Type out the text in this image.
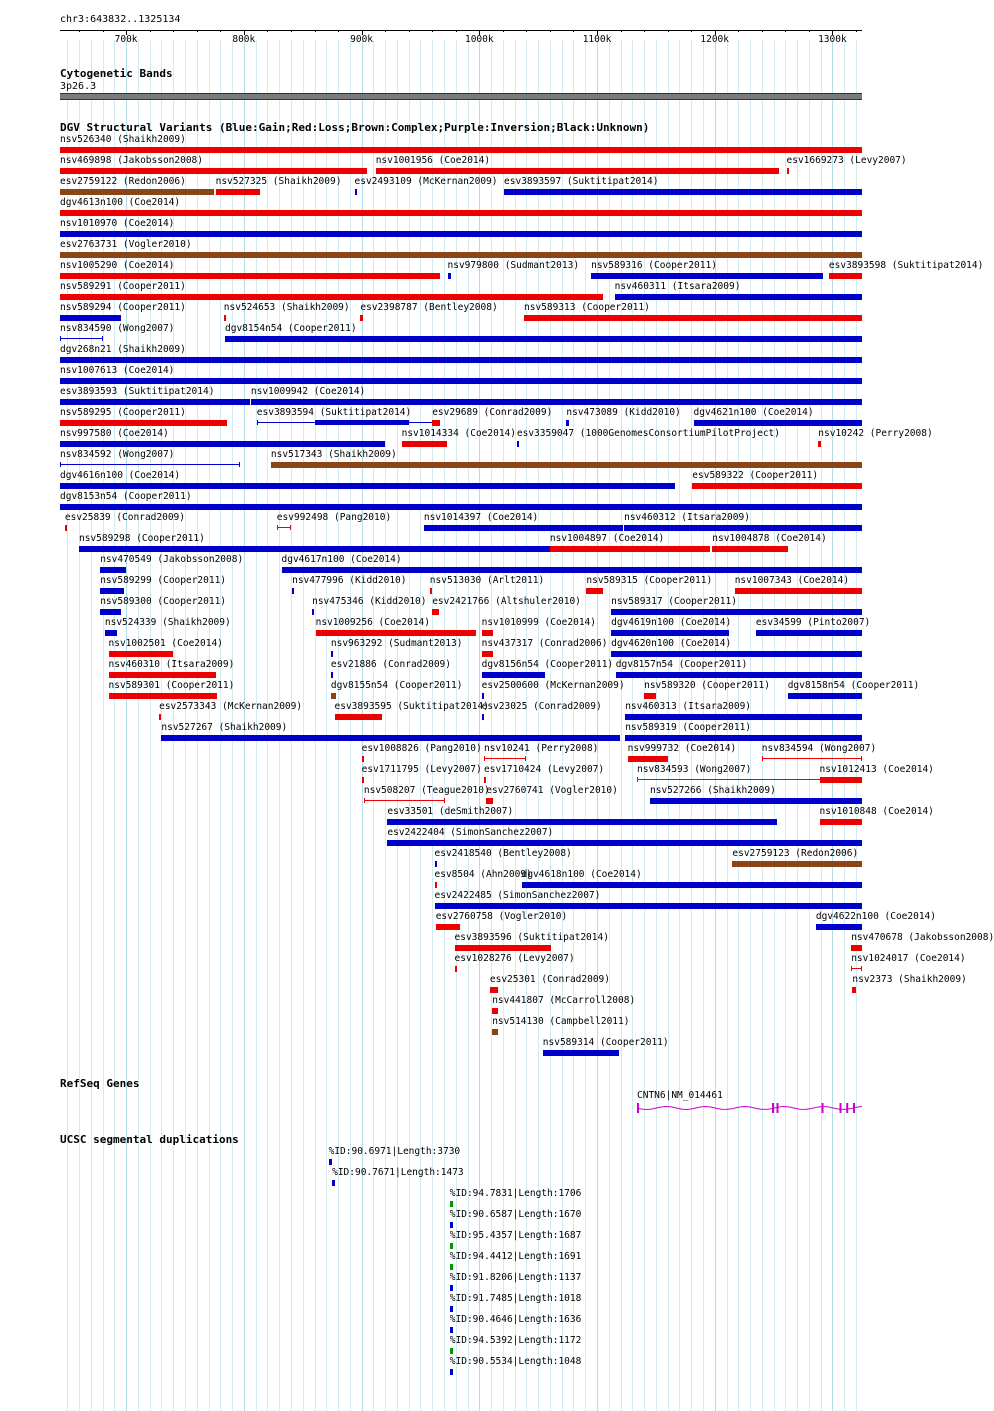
chr3:643832..1325134
700k	800k	900k	1000k	1100k	1200k	1300k
Cytogenetic Bands
3p26.3
DGV Structural Variants (Blue:Gain;Red:Loss;Brown:Complex;Purple:Inversion;Black:Unknown)
nsv526340 (Shaikh2009)
nsv469898 (Jakobsson2008)	nsv1001956 (Coe2014)	esv1669273 (Levy2007)
esv2759122 (Redon2006)	nsv527325 (Shaikh2009) esv2493109 (McKernan2009) esv3893597 (Suktitipat2014)
dgv4613n100 (Coe2014)
nsv1010970 (Coe2014)
esv2763731 (Vogler2010)
nsv1005290 (Coe2014)	nsv979800 (Sudmant2013) nsv589316 (Cooper2011)	esv3893598 (Suktitipat2014)
nsv589291 (Cooper2011)	nsv460311 (Itsara2009)
nsv589294 (Cooper2011)	nsv524653 (Shaikh2009) esv2398787 (Bentley2008)	nsv589313 (Cooper2011)
nsv834590 (Wong2007)	dgv8154n54 (Cooper2011)
dgv268n21 (Shaikh2009)
nsv1007613 (Coe2014)
esv3893593 (Suktitipat2014)	nsv1009942 (Coe2014)
nsv589295 (Cooper2011)	esv3893594 (Suktitipat2014) esv29689 (Conrad2009) nsv473089 (Kidd2010) dgv4621n100 (Coe2014)
nsv997580 (Coe2014)	nsv1014334 (Coe2014) esv3359047 (1000GenomesConsortiumPilotProject)	nsv10242 (Perry2008)
nsv834592 (Wong2007)	nsv517343 (Shaikh2009)
dgv4616n100 (Coe2014)	esv589322 (Cooper2011)
dgv8153n54 (Cooper2011)
esv25839 (Conrad2009)	esv992498 (Pang2010)	nsv1014397 (Coe2014)	nsv460312 (Itsara2009)
nsv589298 (Cooper2011)	nsv1004897 (Coe2014)	nsv1004878 (Coe2014)
nsv470549 (Jakobsson2008)	dgv4617n100 (Coe2014)
nsv589299 (Cooper2011)	nsv477996 (Kidd2010) nsv513030 (Arlt2011)	nsv589315 (Cooper2011) nsv1007343 (Coe2014)
nsv589300 (Cooper2011)	nsv475346 (Kidd2010) esv2421766 (Altshuler2010)	nsv589317 (Cooper2011)
nsv524339 (Shaikh2009)	nsv1009256 (Coe2014)	nsv1010999 (Coe2014) dgv4619n100 (Coe2014)	esv34599 (Pinto2007)
nsv1002501 (Coe2014)	nsv963292 (Sudmant2013) nsv437317 (Conrad2006) dgv4620n100 (Coe2014)
nsv460310 (Itsara2009)	esv21886 (Conrad2009)	dgv8156n54 (Cooper2011) dgv8157n54 (Cooper2011)
nsv589301 (Cooper2011)	dgv8155n54 (Cooper2011) esv2500600 (McKernan2009) nsv589320 (Cooper2011) dgv8158n54 (Cooper2011)
esv2573343 (McKernan2009)	esv3893595 (Suktitipat2014)
esv23025 (Conrad2009) nsv460313 (Itsara2009)
nsv527267 (Shaikh2009)	nsv589319 (Cooper2011)
esv1008826 (Pang2010) nsv10241 (Perry2008)	nsv999732 (Coe2014)	nsv834594 (Wong2007)
esv1711795 (Levy2007) esv1710424 (Levy2007)	nsv834593 (Wong2007)	nsv1012413 (Coe2014)
nsv508207 (Teague2010)
esv2760741 (Vogler2010)	nsv527266 (Shaikh2009)
esv33501 (deSmith2007)	nsv1010848 (Coe2014)
esv2422404 (SimonSanchez2007)
esv2418540 (Bentley2008)	esv2759123 (Redon2006)
esv8504 (Ahn2009)
dgv4618n100 (Coe2014)
esv2422485 (SimonSanchez2007)
esv2760758 (Vogler2010)	dgv4622n100 (Coe2014)
esv3893596 (Suktitipat2014)	nsv470678 (Jakobsson2008)
esv1028276 (Levy2007)	nsv1024017 (Coe2014)
esv25301 (Conrad2009)	nsv2373 (Shaikh2009)
nsv441807 (McCarroll2008)
nsv514130 (Campbell2011)
nsv589314 (Cooper2011)
RefSeq Genes
CNTN6|NM_014461
UCSC segmental duplications
%ID:90.6971|Length:3730
%ID:90.7671|Length:1473
%ID:94.7831|Length:1706
%ID:90.6587|Length:1670
%ID:95.4357|Length:1687
%ID:94.4412|Length:1691
%ID:91.8206|Length:1137
%ID:91.7485|Length:1018
%ID:90.4646|Length:1636
%ID:94.5392|Length:1172
%ID:90.5534|Length:1048
